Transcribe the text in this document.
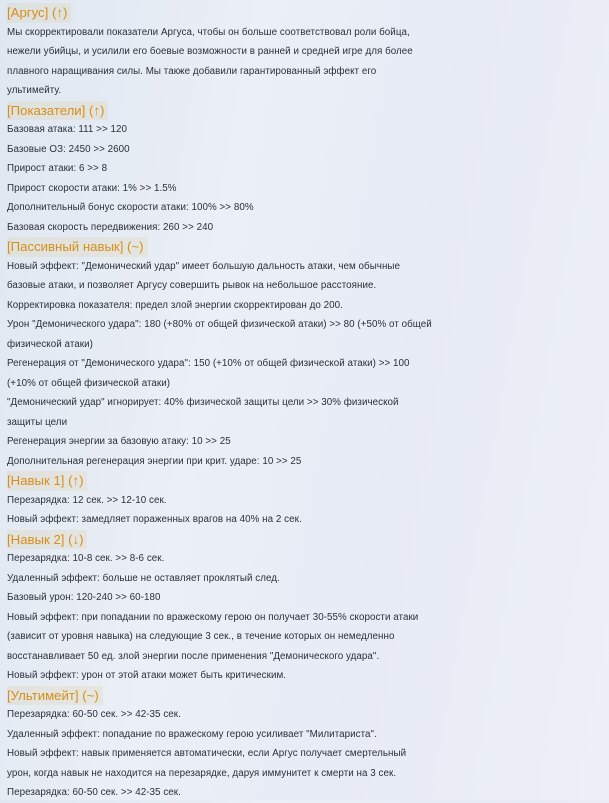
[Аргус] (↑)
Мы скорректировали показатели Аргуса, чтобы он больше соответствовал роли бойца,
нежели убийцы, и усилили его боевые возможности в ранней и средней игре для более
плавного наращивания силы. Мы также добавили гарантированный эффект его
ультимейту.
[Показатели] (↑)
Базовая атака: 111 >> 120
Базовые ОЗ: 2450 >> 2600
Прирост атаки: 6 >> 8
Прирост скорости атаки: 1% >> 1.5%
Дополнительный бонус скорости атаки: 100% >> 80%
Базовая скорость передвижения: 260 >> 240
[Пассивный навык] (~)
Новый эффект: "Демонический удар" имеет большую дальность атаки, чем обычные
базовые атаки, и позволяет Аргусу совершить рывок на небольшое расстояние.
Корректировка показателя: предел злой энергии скорректирован до 200.
Урон "Демонического удара": 180 (+80% от общей физической атаки) >> 80 (+50% от общей
физической атаки)
Регенерация от "Демонического удара": 150 (+10% от общей физической атаки) >> 100
(+10% от общей физической атаки)
"Демонический удар" игнорирует: 40% физической защиты цели >> 30% физической
защиты цели
Регенерация энергии за базовую атаку: 10 >> 25
Дополнительная регенерация энергии при крит. ударе: 10 >> 25
[Навык 1] (↑)
Перезарядка: 12 сек. >> 12-10 сек.
Новый эффект: замедляет пораженных врагов на 40% на 2 сек.
[Навык 2] (↓)
Перезарядка: 10-8 сек. >> 8-6 сек.
Удаленный эффект: больше не оставляет проклятый след.
Базовый урон: 120-240 >> 60-180
Новый эффект: при попадании по вражескому герою он получает 30-55% скорости атаки
(зависит от уровня навыка) на следующие 3 сек., в течение которых он немедленно
восстанавливает 50 ед. злой энергии после применения "Демонического удара".
Новый эффект: урон от этой атаки может быть критическим.
[Ультимейт] (~)
Перезарядка: 60-50 сек. >> 42-35 сек.
Удаленный эффект: попадание по вражескому герою усиливает "Милитариста".
Новый эффект: навык применяется автоматически, если Аргус получает смертельный
урон, когда навык не находится на перезарядке, даруя иммунитет к смерти на 3 сек.
Перезарядка: 60-50 сек. >> 42-35 сек.
